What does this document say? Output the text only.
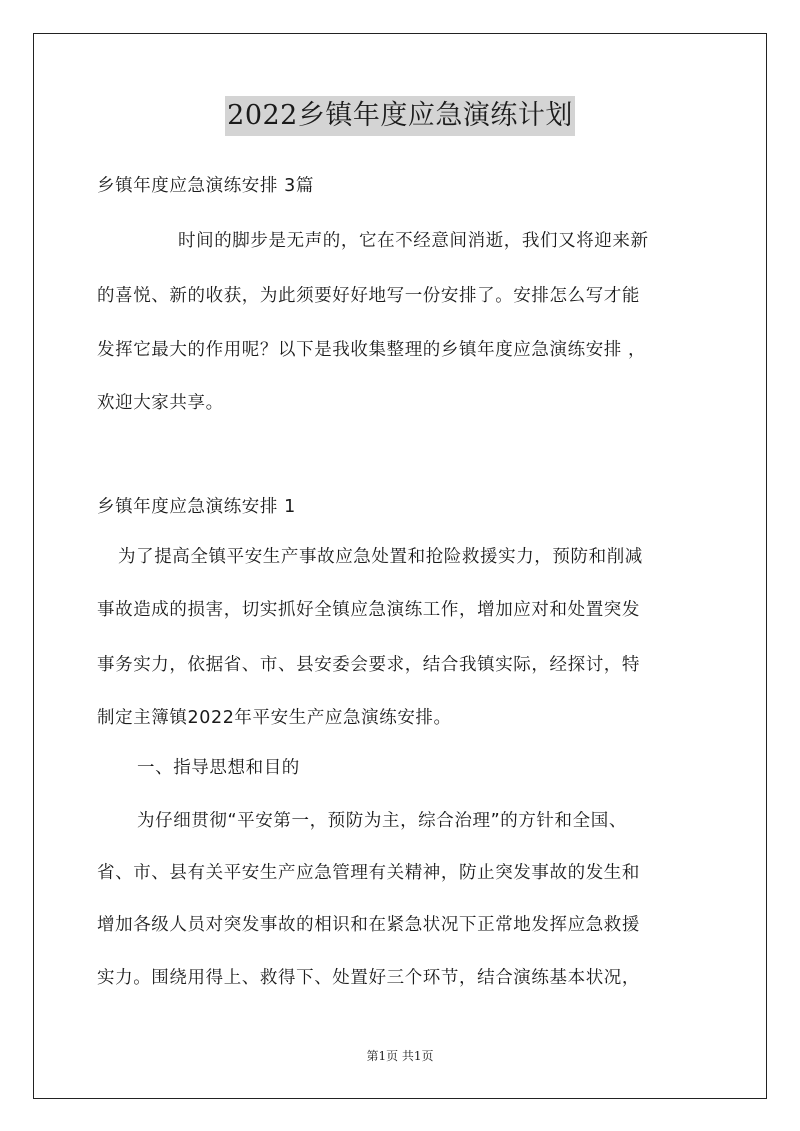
2022乡镇年度应急演练计划
乡镇年度应急演练安排 3篇
时间的脚步是无声的，它在不经意间消逝，我们又将迎来新
的喜悦、新的收获，为此须要好好地写一份安排了。安排怎么写才能
发挥它最大的作用呢？以下是我收集整理的乡镇年度应急演练安排 ，
欢迎大家共享。
乡镇年度应急演练安排 1
为了提高全镇平安生产事故应急处置和抢险救援实力，预防和削减
事故造成的损害，切实抓好全镇应急演练工作，增加应对和处置突发
事务实力，依据省、市、县安委会要求，结合我镇实际，经探讨，特
制定主簿镇2022年平安生产应急演练安排。
一、指导思想和目的
为仔细贯彻“平安第一，预防为主，综合治理”的方针和全国、
省、市、县有关平安生产应急管理有关精神，防止突发事故的发生和
增加各级人员对突发事故的相识和在紧急状况下正常地发挥应急救援
实力。围绕用得上、救得下、处置好三个环节，结合演练基本状况，
第1页 共1页
